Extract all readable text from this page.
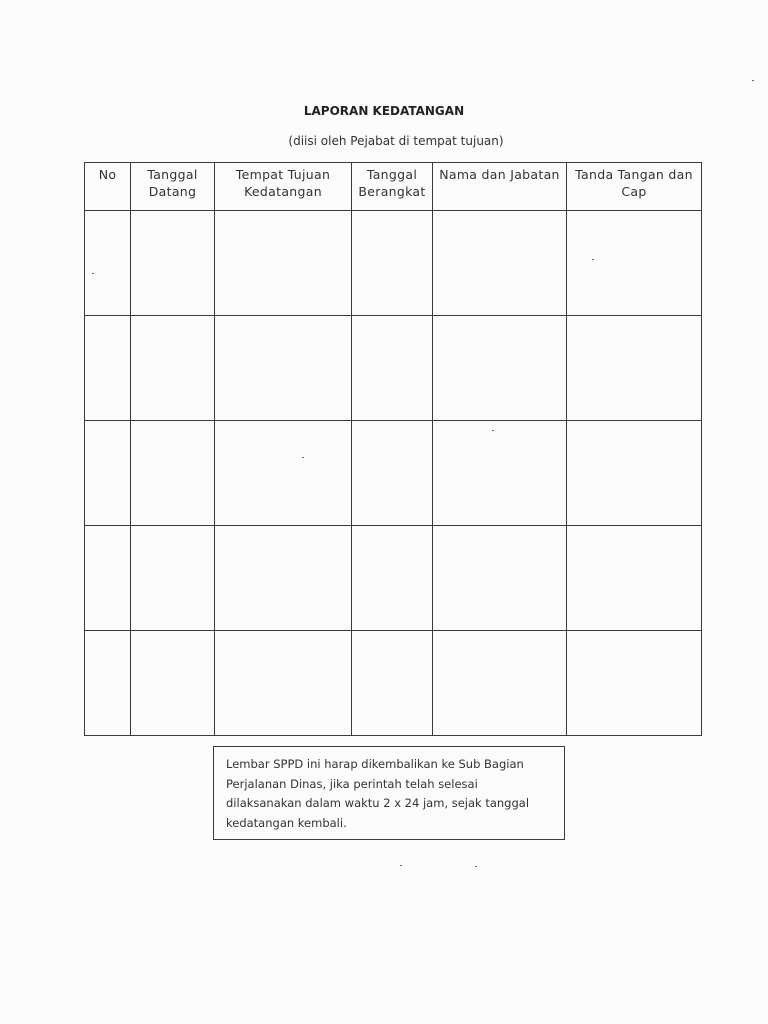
LAPORAN KEDATANGAN
(diisi oleh Pejabat di tempat tujuan)
No	Tanggal Datang	Tempat Tujuan Kedatangan	Tanggal Berangkat	Nama dan Jabatan	Tanda Tangan dan Cap

Lembar SPPD ini harap dikembalikan ke Sub Bagian Perjalanan Dinas, jika perintah telah selesai dilaksanakan dalam waktu 2 x 24 jam, sejak tanggal kedatangan kembali.
